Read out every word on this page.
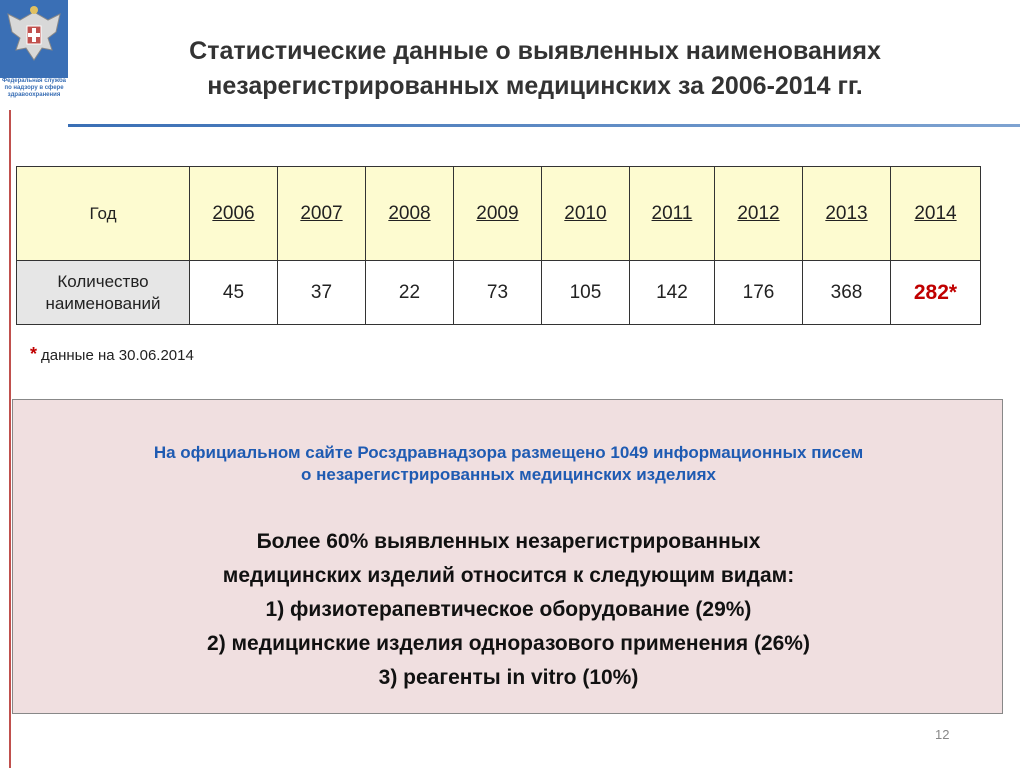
Федеральная служба
по надзору в сфере
здравоохранения
Статистические данные о выявленных наименованиях
незарегистрированных медицинских за 2006-2014 гг.
Год	2006	2007	2008	2009	2010	2011	2012	2013	2014
Количество
наименований	45	37	22	73	105	142	176	368	282*
* данные на 30.06.2014
На официальном сайте Росздравнадзора размещено 1049 информационных писем
о незарегистрированных медицинских изделиях
Более 60% выявленных незарегистрированных
медицинских изделий относится к следующим видам:
1) физиотерапевтическое оборудование (29%)
2) медицинские изделия одноразового применения (26%)
3) реагенты in vitro (10%)
12
